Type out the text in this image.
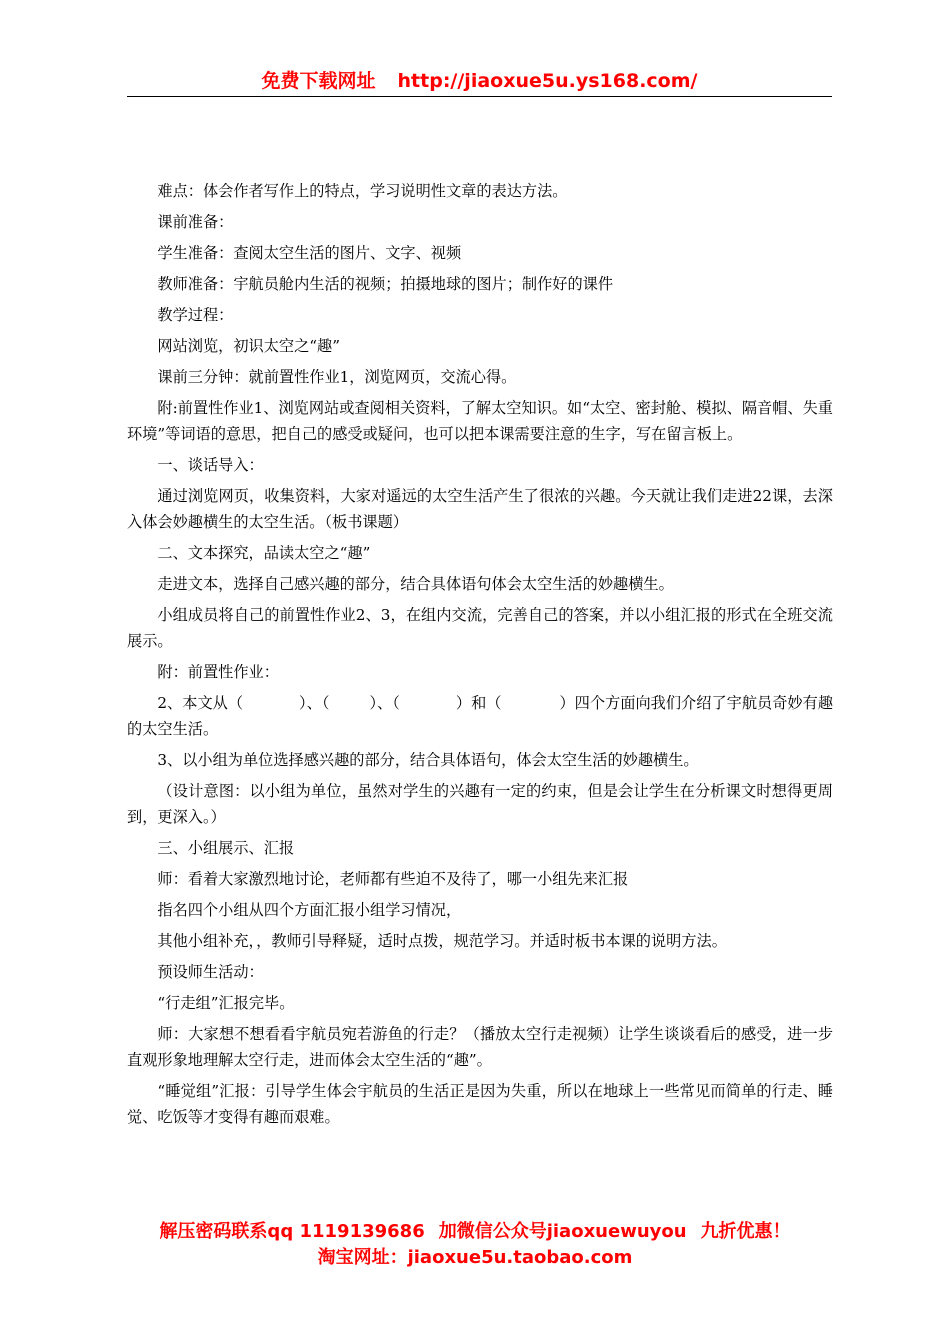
免费下载网址 http://jiaoxue5u.ys168.com/

难点：体会作者写作上的特点，学习说明性文章的表达方法。

课前准备：

学生准备：查阅太空生活的图片、文字、视频

教师准备：宇航员舱内生活的视频；拍摄地球的图片；制作好的课件

教学过程：

网站浏览，初识太空之“趣”

课前三分钟：就前置性作业1，浏览网页，交流心得。

附:前置性作业1、浏览网站或查阅相关资料，了解太空知识。如“太空、密封舱、模拟、隔音帽、失重环境”等词语的意思，把自己的感受或疑问，也可以把本课需要注意的生字，写在留言板上。

一、谈话导入：

通过浏览网页，收集资料，大家对遥远的太空生活产生了很浓的兴趣。今天就让我们走进22课，去深入体会妙趣横生的太空生活。（板书课题）

二、文本探究，品读太空之“趣”

走进文本，选择自己感兴趣的部分，结合具体语句体会太空生活的妙趣横生。

小组成员将自己的前置性作业2、3，在组内交流，完善自己的答案，并以小组汇报的形式在全班交流展示。

附：前置性作业：

2、本文从（	）、（	）、（	）和（	）四个方面向我们介绍了宇航员奇妙有趣的太空生活。

3、以小组为单位选择感兴趣的部分，结合具体语句，体会太空生活的妙趣横生。

（设计意图：以小组为单位，虽然对学生的兴趣有一定的约束，但是会让学生在分析课文时想得更周到，更深入。）

三、小组展示、汇报

师：看着大家激烈地讨论，老师都有些迫不及待了，哪一小组先来汇报

指名四个小组从四个方面汇报小组学习情况，

其他小组补充，，教师引导释疑，适时点拨，规范学习。并适时板书本课的说明方法。

预设师生活动：

“行走组”汇报完毕。

师：大家想不想看看宇航员宛若游鱼的行走？（播放太空行走视频）让学生谈谈看后的感受，进一步直观形象地理解太空行走，进而体会太空生活的“趣”。

“睡觉组”汇报：引导学生体会宇航员的生活正是因为失重，所以在地球上一些常见而简单的行走、睡觉、吃饭等才变得有趣而艰难。

解压密码联系qq 1119139686 加微信公众号jiaoxuewuyou 九折优惠！
淘宝网址：jiaoxue5u.taobao.com
